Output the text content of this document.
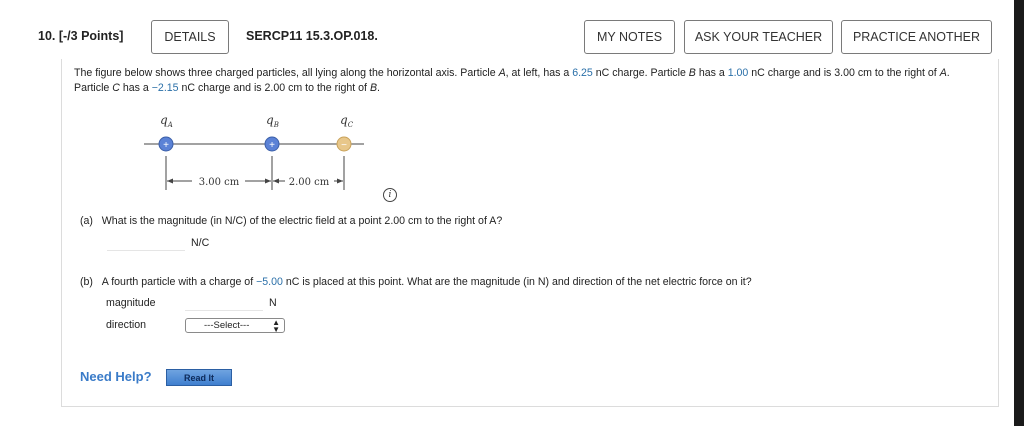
10. [-/3 Points]	DETAILS SERCP11 15.3.OP.018.	MY NOTES	ASK YOUR TEACHER PRACTICE ANOTHER
The figure below shows three charged particles, all lying along the horizontal axis. Particle A, at left, has a 6.25 nC charge. Particle B has a 1.00 nC charge and is 3.00 cm to the right of A. Particle C has a −2.15 nC charge and is 2.00 cm to the right of B.
$q_A$	$q_B$	$q_C$
+	+	−
3.00 cm	2.00 cm
i
(a) What is the magnitude (in N/C) of the electric field at a point 2.00 cm to the right of A?
N/C
(b) A fourth particle with a charge of −5.00 nC is placed at this point. What are the magnitude (in N) and direction of the net electric force on it?
magnitude	N
direction	---Select---	▲
▼
Need Help?	Read It
